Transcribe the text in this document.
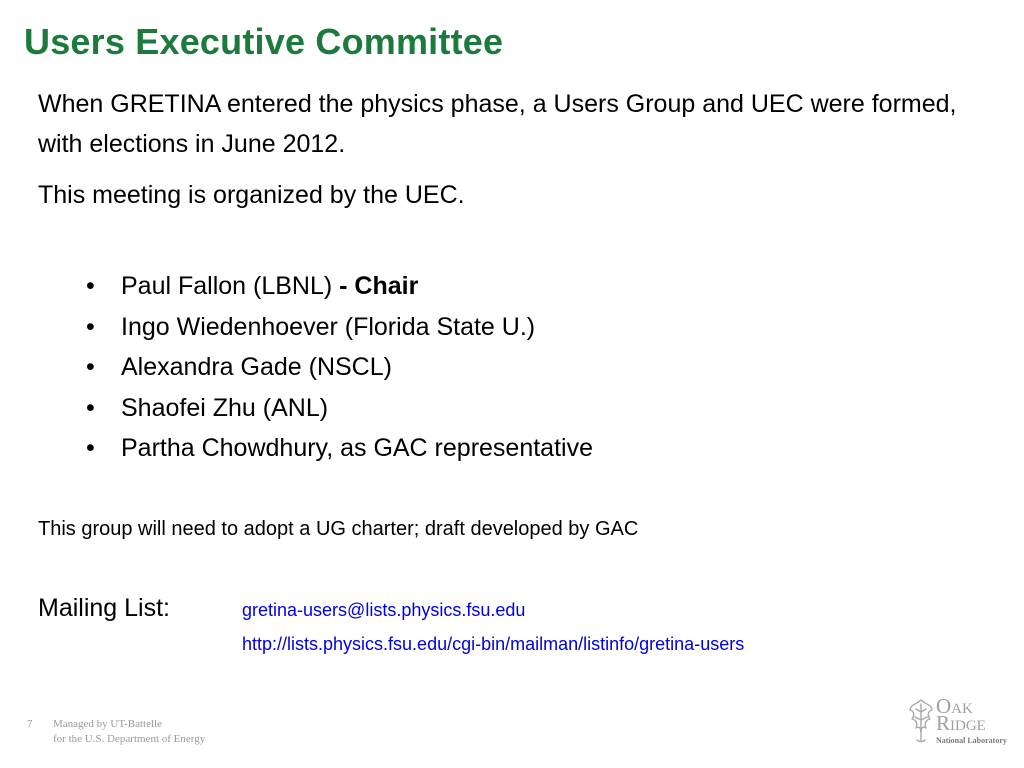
Users Executive Committee

When GRETINA entered the physics phase, a Users Group and UEC were formed, with elections in June 2012.

This meeting is organized by the UEC.

• Paul Fallon (LBNL) - Chair
• Ingo Wiedenhoever (Florida State U.)
• Alexandra Gade (NSCL)
• Shaofei Zhu (ANL)
• Partha Chowdhury, as GAC representative

This group will need to adopt a UG charter; draft developed by GAC

Mailing List:	gretina-users@lists.physics.fsu.edu
http://lists.physics.fsu.edu/cgi-bin/mailman/listinfo/gretina-users
7 Managed by UT-Battelle
for the U.S. Department of Energy
Oak
Ridge
National Laboratory
